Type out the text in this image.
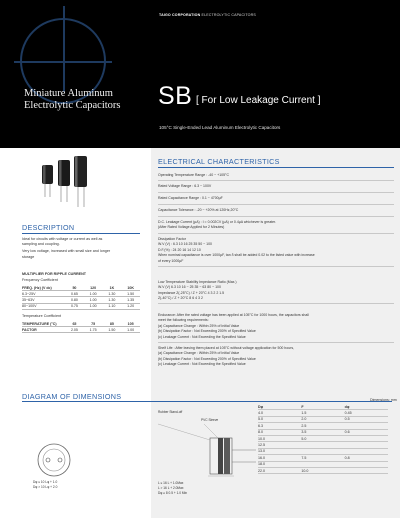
TAIGO CORPORATION ELECTROLYTIC CAPACITORS
Miniature Aluminum
Electrolytic Capacitors SB [ For Low Leakage Current ]
105°C Single-Ended Lead Aluminum Electrolytic Capacitors
ELECTRICAL CHARACTERISTICS
Operating Temperature Range : -40 ~ +105°C
Rated Voltage Range : 6.3 ~ 100V
Rated Capacitance Range : 0.1 ~ 4700μF
Capacitance Tolerance : -20 ~ +20% at 120Hz,20°C
D.C. Leakage Current (μA) : I = 0.002CV (μA) or 0.4μA whichever is greater.
(After Rated Voltage Applied for 2 Minutes)
Dissipation Factor
W.V (V) : 6.3 10 16 25 35 50 ~ 100
D.F.(%) : 24 20 16 14 12 10
When nominal capacitance is over 1000μF, tan δ shall be added 0.02 to the listed value with increase
of every 1000μF
Low Temperature Stability Impedance Ratio (Max.)
W.V (V) 6.3 10 16 ~ 25 35 ~ 63 80 ~ 100
Impedance Z(-25°C) / Z + 20°C 4 3 2 2 1.5
Z(-40°C) / Z + 20°C 8 6 4 3 2
Endurance: After the rated voltage has been applied at 105°C for 1000 hours, the capacitors shall
meet the following requirements:
(a) Capacitance Change : Within 25% of Initial Value
(b) Dissipation Factor : Not Exceeding 200% of Specified Value
(c) Leakage Current : Not Exceeding the Specified Value
Shelf Life : After leaving them placed at 105°C without voltage application for 500 hours,
(a) Capacitance Change : Within 25% of Initial Value
(b) Dissipation Factor : Not Exceeding 200% of Specified Value
(c) Leakage Current : Not Exceeding the Specified Value
DESCRIPTION
Ideal for circuits with voltage or current as well as
sampling and coupling.
Very low voltage, increased with small size and longer
storage
MULTIPLIER FOR RIPPLE CURRENT
Frequency Coefficient
FREQ. (Hz) (V dc)	50	120	1K	10K
6.3~25V	0.65	1.00	1.30	1.50
35~63V	0.80	1.00	1.30	1.35
80~100V	0.75	1.00	1.10	1.20
Temperature Coefficient
TEMPERATURE (°C)	65	75	85	105
FACTOR	2.05	1.75	1.50	1.00
DIAGRAM OF DIMENSIONS	Dimensions: mm
Dφ ≤ 10 Lφ + 1.0
Dφ > 10 Lφ + 2.0
Rubber Stand-off
PVC Sleeve
L ≤ 16 L + 1.0Max
L > 16 L + 2.0Max
Dφ ≥ 8 0.5 + 1.0 Min
Dφ	F	dφ
4.0	1.5	0.45
5.0	2.0	0.5
6.3	2.5
8.0	3.5	0.6
10.0	5.0
12.5
13.0
16.0	7.5	0.8
18.0
22.0	10.0
